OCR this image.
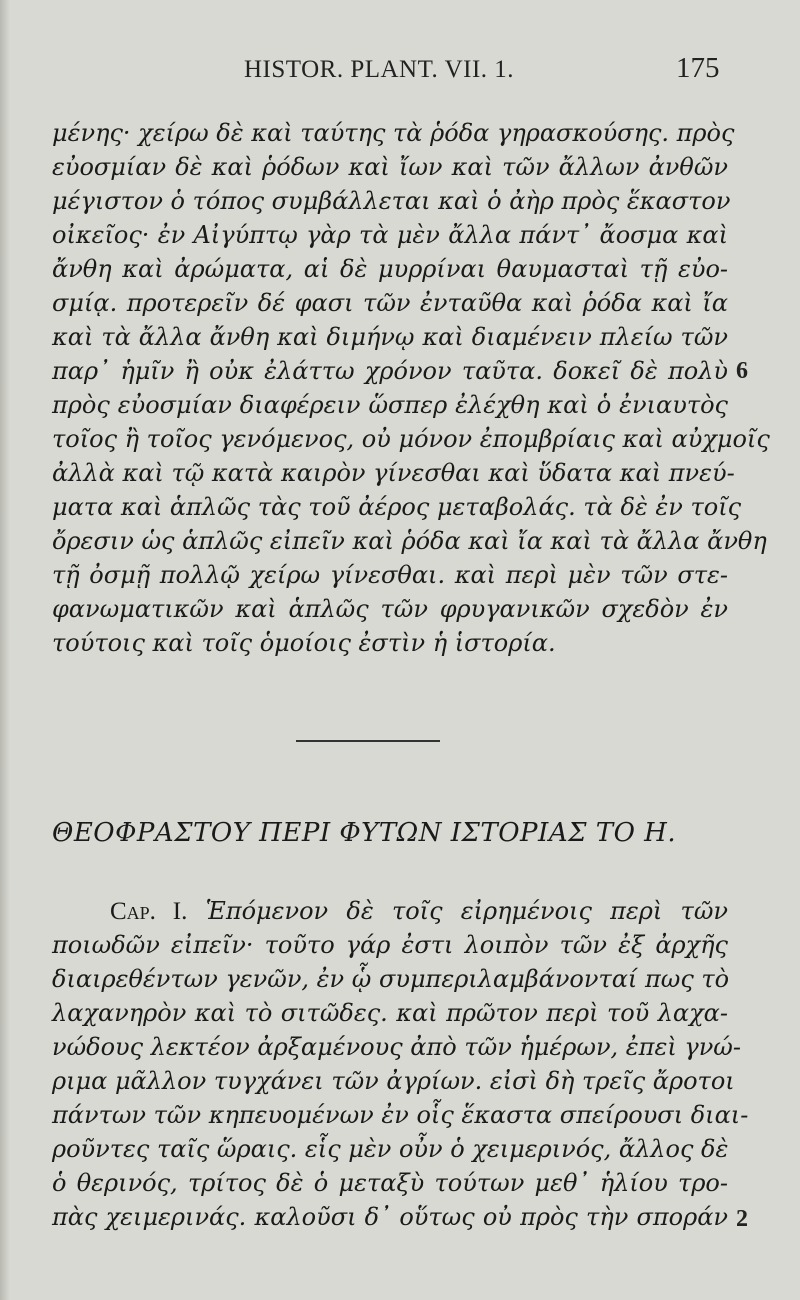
HISTOR. PLANT. VII. 1.	175
μένης· χείρω δὲ καὶ ταύτης τὰ ῥόδα γηρασκούσης. πρὸς
εὐοσμίαν δὲ καὶ ῥόδων καὶ ἴων καὶ τῶν ἄλλων ἀνθῶν
μέγιστον ὁ τόπος συμβάλλεται καὶ ὁ ἀὴρ πρὸς ἕκαστον
οἰκεῖος· ἐν Αἰγύπτῳ γὰρ τὰ μὲν ἄλλα πάντ᾽ ἄοσμα καὶ
ἄνθη καὶ ἀρώματα, αἱ δὲ μυρρίναι θαυμασταὶ τῇ εὐο-
σμίᾳ. προτερεῖν δέ φασι τῶν ἐνταῦθα καὶ ῥόδα καὶ ἴα
καὶ τὰ ἄλλα ἄνθη καὶ διμήνῳ καὶ διαμένειν πλείω τῶν
παρ᾽ ἡμῖν ἢ οὐκ ἐλάττω χρόνον ταῦτα. δοκεῖ δὲ πολὺ
πρὸς εὐοσμίαν διαφέρειν ὥσπερ ἐλέχθη καὶ ὁ ἐνιαυτὸς
τοῖος ἢ τοῖος γενόμενος, οὐ μόνον ἐπομβρίαις καὶ αὐχμοῖς
ἀλλὰ καὶ τῷ κατὰ καιρὸν γίνεσθαι καὶ ὕδατα καὶ πνεύ-
ματα καὶ ἁπλῶς τὰς τοῦ ἀέρος μεταβολάς. τὰ δὲ ἐν τοῖς
ὄρεσιν ὡς ἁπλῶς εἰπεῖν καὶ ῥόδα καὶ ἴα καὶ τὰ ἄλλα ἄνθη
τῇ ὀσμῇ πολλῷ χείρω γίνεσθαι. καὶ περὶ μὲν τῶν στε-
φανωματικῶν καὶ ἁπλῶς τῶν φρυγανικῶν σχεδὸν ἐν
τούτοις καὶ τοῖς ὁμοίοις ἐστὶν ἡ ἱστορία.
6
ΘΕΟΦΡΑΣΤΟΥ ΠΕΡΙ ΦΥΤΩΝ ΙΣΤΟΡΙΑΣ ΤΟ Η.
Cap. I. Ἑπόμενον δὲ τοῖς εἰρημένοις περὶ τῶν
ποιωδῶν εἰπεῖν· τοῦτο γάρ ἐστι λοιπὸν τῶν ἐξ ἀρχῆς
διαιρεθέντων γενῶν, ἐν ᾧ συμπεριλαμβάνονταί πως τὸ
λαχανηρὸν καὶ τὸ σιτῶδες. καὶ πρῶτον περὶ τοῦ λαχα-
νώδους λεκτέον ἀρξαμένους ἀπὸ τῶν ἡμέρων, ἐπεὶ γνώ-
ριμα μᾶλλον τυγχάνει τῶν ἀγρίων. εἰσὶ δὴ τρεῖς ἄροτοι
πάντων τῶν κηπευομένων ἐν οἷς ἕκαστα σπείρουσι διαι-
ροῦντες ταῖς ὥραις. εἷς μὲν οὖν ὁ χειμερινός, ἄλλος δὲ
ὁ θερινός, τρίτος δὲ ὁ μεταξὺ τούτων μεθ᾽ ἡλίου τρο-
πὰς χειμερινάς. καλοῦσι δ᾽ οὕτως οὐ πρὸς τὴν σποράν 2
